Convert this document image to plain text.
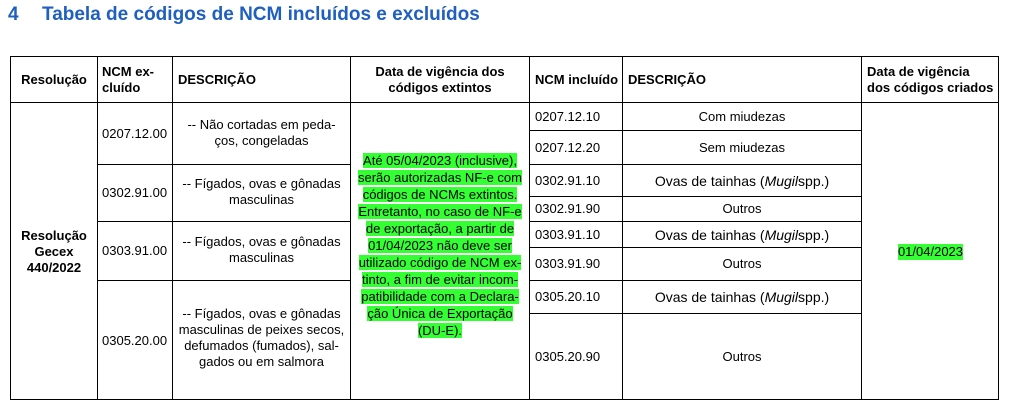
4 Tabela de códigos de NCM incluídos e excluídos
Resolução NCM ex-
cluído
DESCRIÇÃO	Data de vigência dos
códigos extintos
NCM incluído DESCRIÇÃO	Data de vigência
dos códigos criados
Resolução
Gecex
440/2022
0207.12.00
0302.91.00
0303.91.00
0305.20.00
-- Não cortadas em peda-
ços, congeladas
-- Fígados, ovas e gônadas
masculinas
-- Fígados, ovas e gônadas
masculinas
-- Fígados, ovas e gônadas
masculinas de peixes secos,
defumados (fumados), sal-
gados ou em salmora
Até 05/04/2023 (inclusive),
serão autorizadas NF-e com
códigos de NCMs extintos.
Entretanto, no caso de NF-e
de exportação, a partir de
01/04/2023 não deve ser
utilizado código de NCM ex-
tinto, a fim de evitar incom-
patibilidade com a Declara-
ção Única de Exportação
(DU-E).
0207.12.10
0207.12.20
0302.91.10
0302.91.90
0303.91.10
0303.91.90
0305.20.10
0305.20.90
Com miudezas
Sem miudezas
Ovas de tainhas (Mugilspp.)
Outros
Ovas de tainhas (Mugilspp.)
Outros
Ovas de tainhas (Mugilspp.)
Outros
01/04/2023
